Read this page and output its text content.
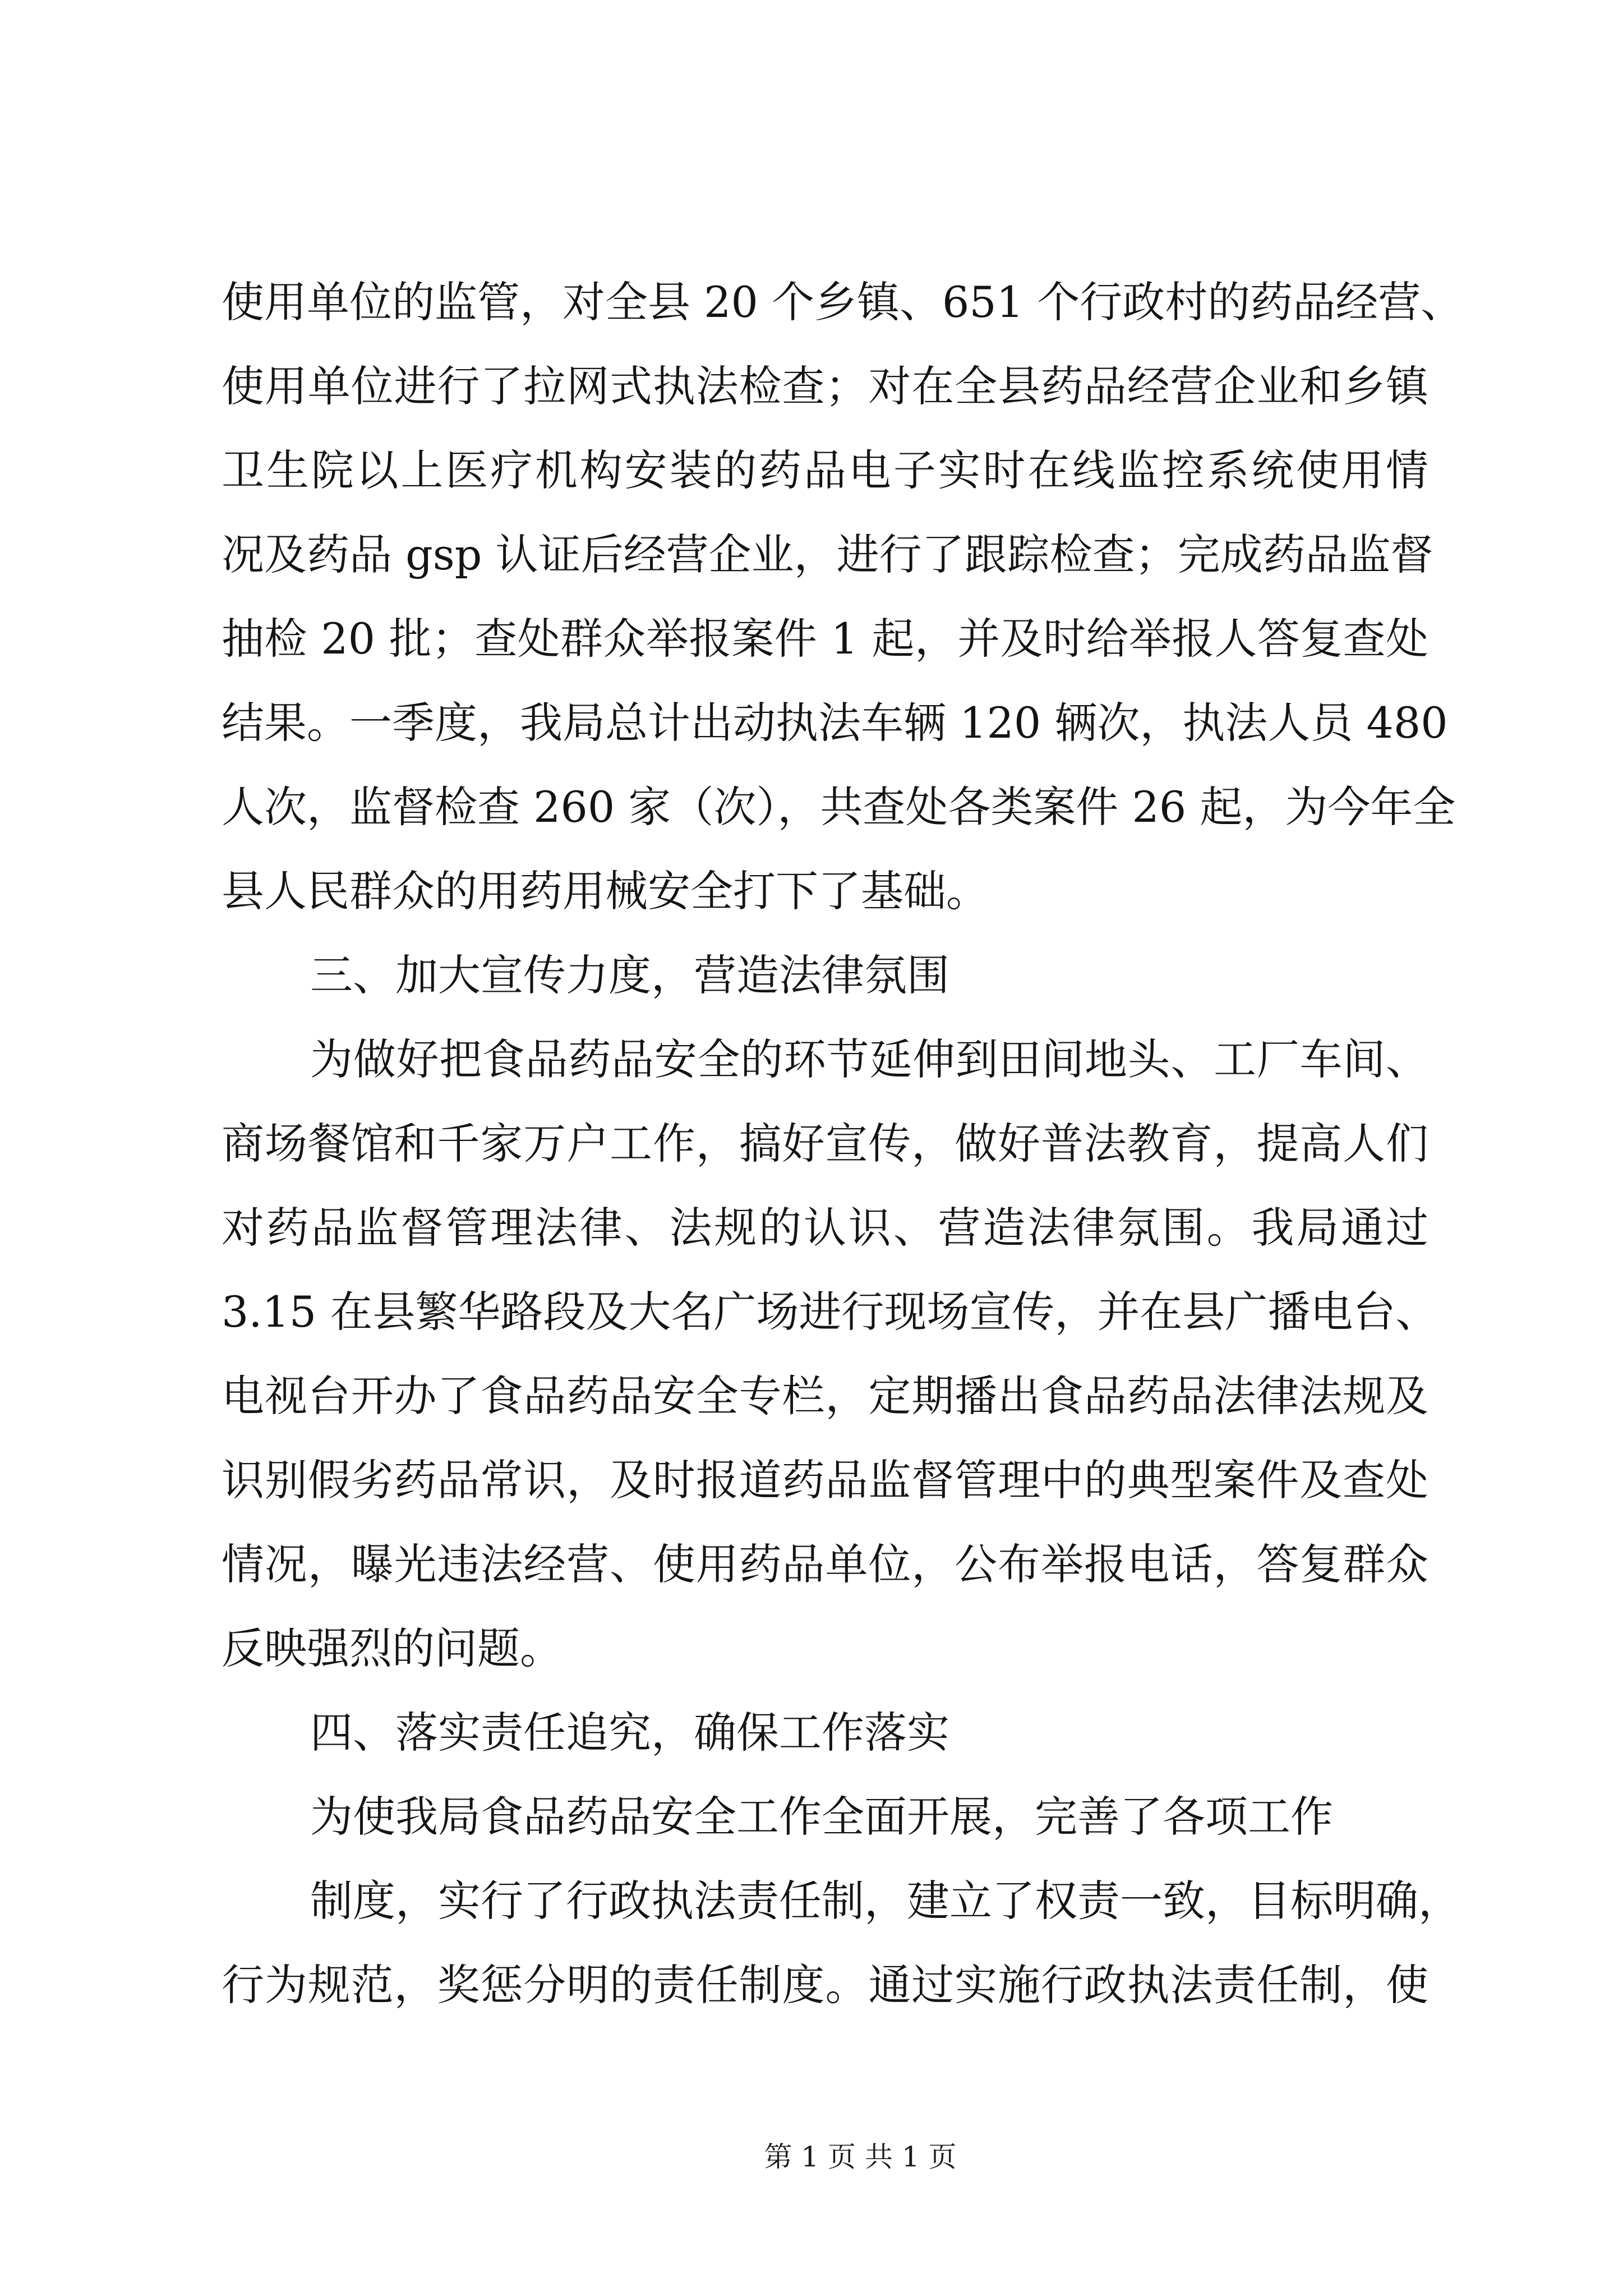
使用单位的监管，对全县 20 个乡镇、651 个行政村的药品经营、
使用单位进行了拉网式执法检查；对在全县药品经营企业和乡镇
卫生院以上医疗机构安装的药品电子实时在线监控系统使用情
况及药品 gsp 认证后经营企业，进行了跟踪检查；完成药品监督
抽检 20 批；查处群众举报案件 1 起，并及时给举报人答复查处
结果。一季度，我局总计出动执法车辆 120 辆次，执法人员 480
人次，监督检查 260 家（次），共查处各类案件 26 起，为今年全
县人民群众的用药用械安全打下了基础。
三、加大宣传力度，营造法律氛围
为做好把食品药品安全的环节延伸到田间地头、工厂车间、
商场餐馆和千家万户工作，搞好宣传，做好普法教育，提高人们
对药品监督管理法律、法规的认识、营造法律氛围。我局通过
3.15 在县繁华路段及大名广场进行现场宣传，并在县广播电台、
电视台开办了食品药品安全专栏，定期播出食品药品法律法规及
识别假劣药品常识，及时报道药品监督管理中的典型案件及查处
情况，曝光违法经营、使用药品单位，公布举报电话，答复群众
反映强烈的问题。
四、落实责任追究，确保工作落实
为使我局食品药品安全工作全面开展，完善了各项工作
制度，实行了行政执法责任制，建立了权责一致，目标明确，
行为规范，奖惩分明的责任制度。通过实施行政执法责任制，使
第 1 页 共 1 页
